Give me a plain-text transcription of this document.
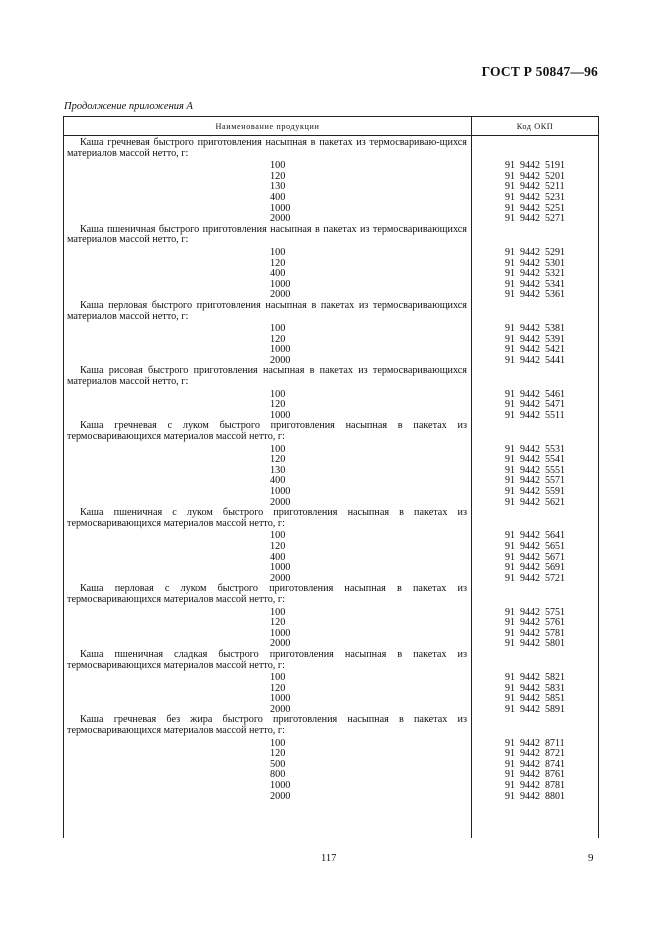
ГОСТ Р 50847—96
Продолжение приложения А
Наименование продукции	Код ОКП
Каша гречневая быстрого приготовления насыпная в пакетах из термосвариваю-щихся материалов массой нетто, г:
100	91  9442  5191
120	91  9442  5201
130	91  9442  5211
400	91  9442  5231
1000	91  9442  5251
2000	91  9442  5271
Каша пшеничная быстрого приготовления насыпная в пакетах из термосваривающихся материалов массой нетто, г:
100	91  9442  5291
120	91  9442  5301
400	91  9442  5321
1000	91  9442  5341
2000	91  9442  5361
Каша перловая быстрого приготовления насыпная в пакетах из термосваривающихся материалов массой нетто, г:
100	91  9442  5381
120	91  9442  5391
1000	91  9442  5421
2000	91  9442  5441
Каша рисовая быстрого приготовления насыпная в пакетах из термосваривающихся материалов массой нетто, г:
100	91  9442  5461
120	91  9442  5471
1000	91  9442  5511
Каша гречневая с луком быстрого приготовления насыпная в пакетах из термосваривающихся материалов массой нетто, г:
100	91  9442  5531
120	91  9442  5541
130	91  9442  5551
400	91  9442  5571
1000	91  9442  5591
2000	91  9442  5621
Каша пшеничная с луком быстрого приготовления насыпная в пакетах из термосваривающихся материалов массой нетто, г:
100	91  9442  5641
120	91  9442  5651
400	91  9442  5671
1000	91  9442  5691
2000	91  9442  5721
Каша перловая с луком быстрого приготовления насыпная в пакетах из термосваривающихся материалов массой нетто, г:
100	91  9442  5751
120	91  9442  5761
1000	91  9442  5781
2000	91  9442  5801
Каша пшеничная сладкая быстрого приготовления насыпная в пакетах из термосваривающихся материалов массой нетто, г:
100	91  9442  5821
120	91  9442  5831
1000	91  9442  5851
2000	91  9442  5891
Каша гречневая без жира быстрого приготовления насыпная в пакетах из термосваривающихся материалов массой нетто, г:
100	91  9442  8711
120	91  9442  8721
500	91  9442  8741
800	91  9442  8761
1000	91  9442  8781
2000	91  9442  8801
117	9
